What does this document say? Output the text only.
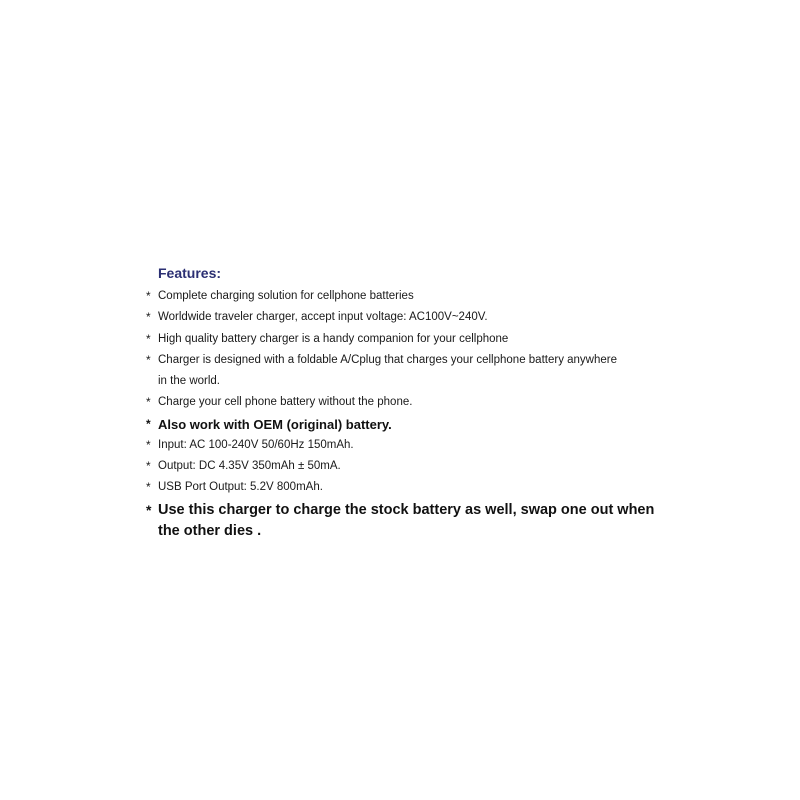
Features:
* Complete charging solution for cellphone batteries
* Worldwide traveler charger, accept input voltage: AC100V~240V.
* High quality battery charger is a handy companion for your cellphone
* Charger is designed with a foldable A/Cplug that charges your cellphone battery anywhere in the world.
* Charge your cell phone battery without the phone.
* Also work with OEM (original) battery.
* Input: AC 100-240V 50/60Hz 150mAh.
* Output: DC 4.35V 350mAh ± 50mA.
* USB Port Output: 5.2V 800mAh.
* Use this charger to charge the stock battery as well, swap one out when the other dies .
